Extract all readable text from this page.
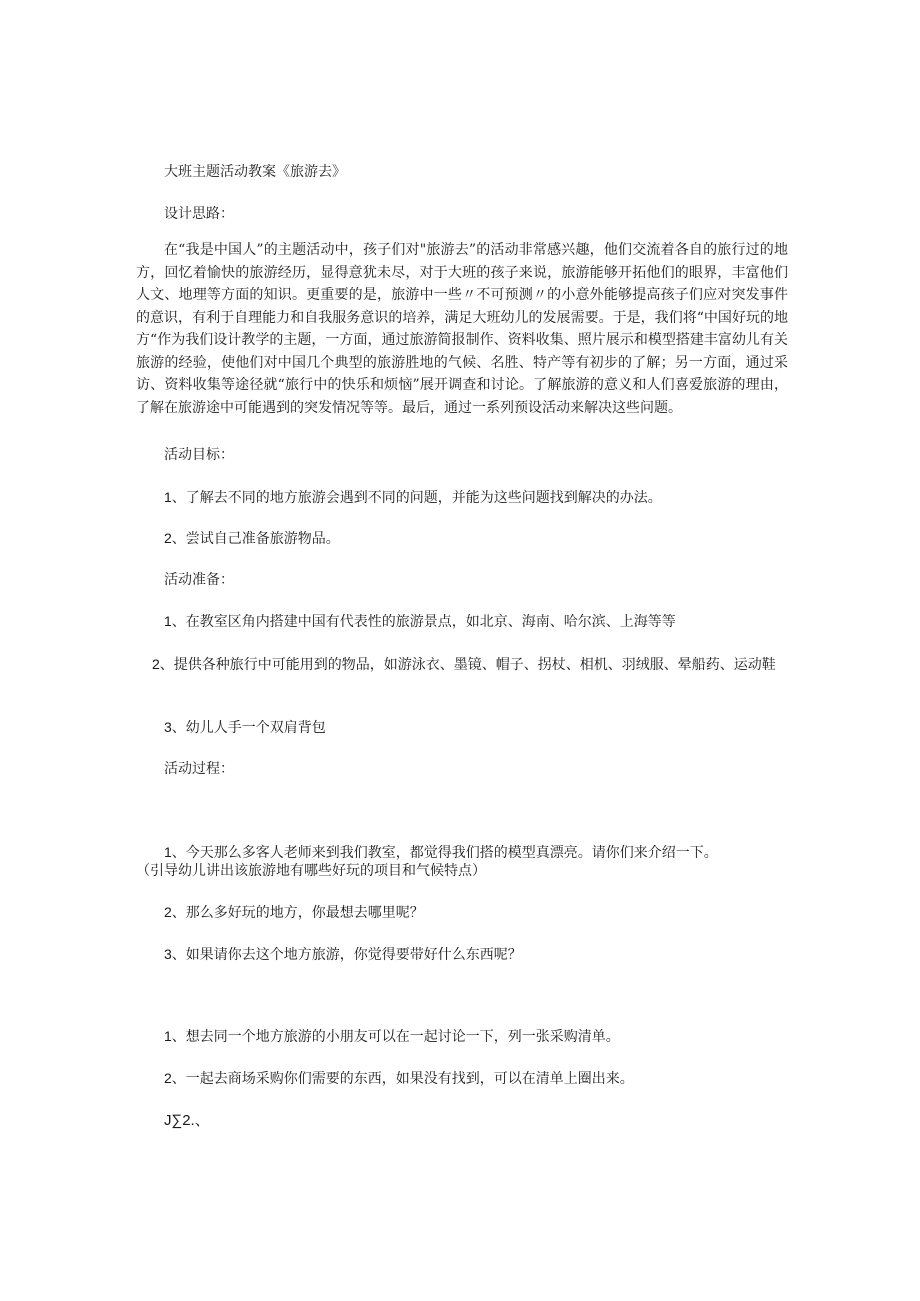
大班主题活动教案《旅游去》

设计思路：

在“我是中国人”的主题活动中，孩子们对"旅游去”的活动非常感兴趣，他们交流着各自的旅行过的地方，回忆着愉快的旅游经历，显得意犹未尽，对于大班的孩子来说，旅游能够开拓他们的眼界，丰富他们人文、地理等方面的知识。更重要的是，旅游中一些〃不可预测〃的小意外能够提高孩子们应对突发事件的意识，有利于自理能力和自我服务意识的培养，满足大班幼儿的发展需要。于是，我们将“中国好玩的地方“作为我们设计教学的主题，一方面，通过旅游简报制作、资料收集、照片展示和模型搭建丰富幼儿有关旅游的经验，使他们对中国几个典型的旅游胜地的气候、名胜、特产等有初步的了解；另一方面，通过采访、资料收集等途径就“旅行中的快乐和烦恼”展开调查和讨论。了解旅游的意义和人们喜爱旅游的理由，了解在旅游途中可能遇到的突发情况等等。最后，通过一系列预设活动来解决这些问题。

活动目标：

1、了解去不同的地方旅游会遇到不同的问题，并能为这些问题找到解决的办法。

2、尝试自己准备旅游物品。

活动准备：

1、在教室区角内搭建中国有代表性的旅游景点，如北京、海南、哈尔滨、上海等等

2、提供各种旅行中可能用到的物品，如游泳衣、墨镜、帽子、拐杖、相机、羽绒服、晕船药、运动鞋

3、幼儿人手一个双肩背包

活动过程：

1、今天那么多客人老师来到我们教室，都觉得我们搭的模型真漂亮。请你们来介绍一下。

（引导幼儿讲出该旅游地有哪些好玩的项目和气候特点）

2、那么多好玩的地方，你最想去哪里呢？

3、如果请你去这个地方旅游，你觉得要带好什么东西呢？

1、想去同一个地方旅游的小朋友可以在一起讨论一下，列一张采购清单。

2、一起去商场采购你们需要的东西，如果没有找到，可以在清单上圈出来。

J∑2.、
